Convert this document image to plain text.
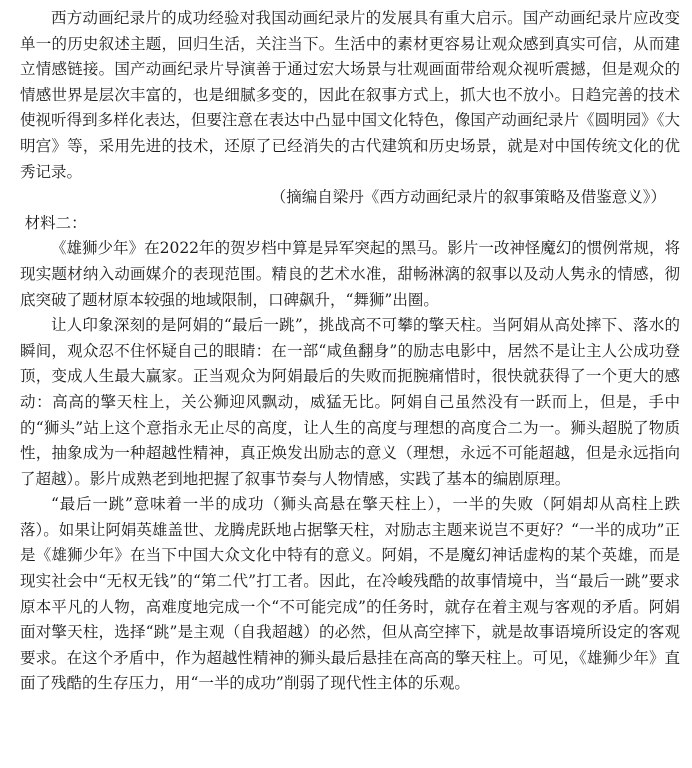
西方动画纪录片的成功经验对我国动画纪录片的发展具有重大启示。国产动画纪录片应改变单一的历史叙述主题，回归生活，关注当下。生活中的素材更容易让观众感到真实可信，从而建立情感链接。国产动画纪录片导演善于通过宏大场景与壮观画面带给观众视听震撼，但是观众的情感世界是层次丰富的，也是细腻多变的，因此在叙事方式上，抓大也不放小。日趋完善的技术使视听得到多样化表达，但要注意在表达中凸显中国文化特色，像国产动画纪录片《圆明园》《大明宫》等，采用先进的技术，还原了已经消失的古代建筑和历史场景，就是对中国传统文化的优秀记录。

（摘编自梁丹《西方动画纪录片的叙事策略及借鉴意义》）

材料二：

《雄狮少年》在2022年的贺岁档中算是异军突起的黑马。影片一改神怪魔幻的惯例常规，将现实题材纳入动画媒介的表现范围。精良的艺术水准，甜畅淋漓的叙事以及动人隽永的情感，彻底突破了题材原本较强的地域限制，口碑飙升，“舞狮”出圈。

让人印象深刻的是阿娟的“最后一跳”，挑战高不可攀的擎天柱。当阿娟从高处摔下、落水的瞬间，观众忍不住怀疑自己的眼睛：在一部“咸鱼翻身”的励志电影中，居然不是让主人公成功登顶，变成人生最大赢家。正当观众为阿娟最后的失败而扼腕痛惜时，很快就获得了一个更大的感动：高高的擎天柱上，关公狮迎风飘动，威猛无比。阿娟自己虽然没有一跃而上，但是，手中的“狮头”站上这个意指永无止尽的高度，让人生的高度与理想的高度合二为一。狮头超脱了物质性，抽象成为一种超越性精神，真正焕发出励志的意义（理想，永远不可能超越，但是永远指向了超越）。影片成熟老到地把握了叙事节奏与人物情感，实践了基本的编剧原理。

“最后一跳”意味着一半的成功（狮头高悬在擎天柱上），一半的失败（阿娟却从高柱上跌落）。如果让阿娟英雄盖世、龙腾虎跃地占据擎天柱，对励志主题来说岂不更好？“一半的成功”正是《雄狮少年》在当下中国大众文化中特有的意义。阿娟，不是魔幻神话虚构的某个英雄，而是现实社会中“无权无钱”的“第二代”打工者。因此，在冷峻残酷的故事情境中，当“最后一跳”要求原本平凡的人物，高难度地完成一个“不可能完成”的任务时，就存在着主观与客观的矛盾。阿娟面对擎天柱，选择“跳”是主观（自我超越）的必然，但从高空摔下，就是故事语境所设定的客观要求。在这个矛盾中，作为超越性精神的狮头最后悬挂在高高的擎天柱上。可见，《雄狮少年》直面了残酷的生存压力，用“一半的成功”削弱了现代性主体的乐观。
